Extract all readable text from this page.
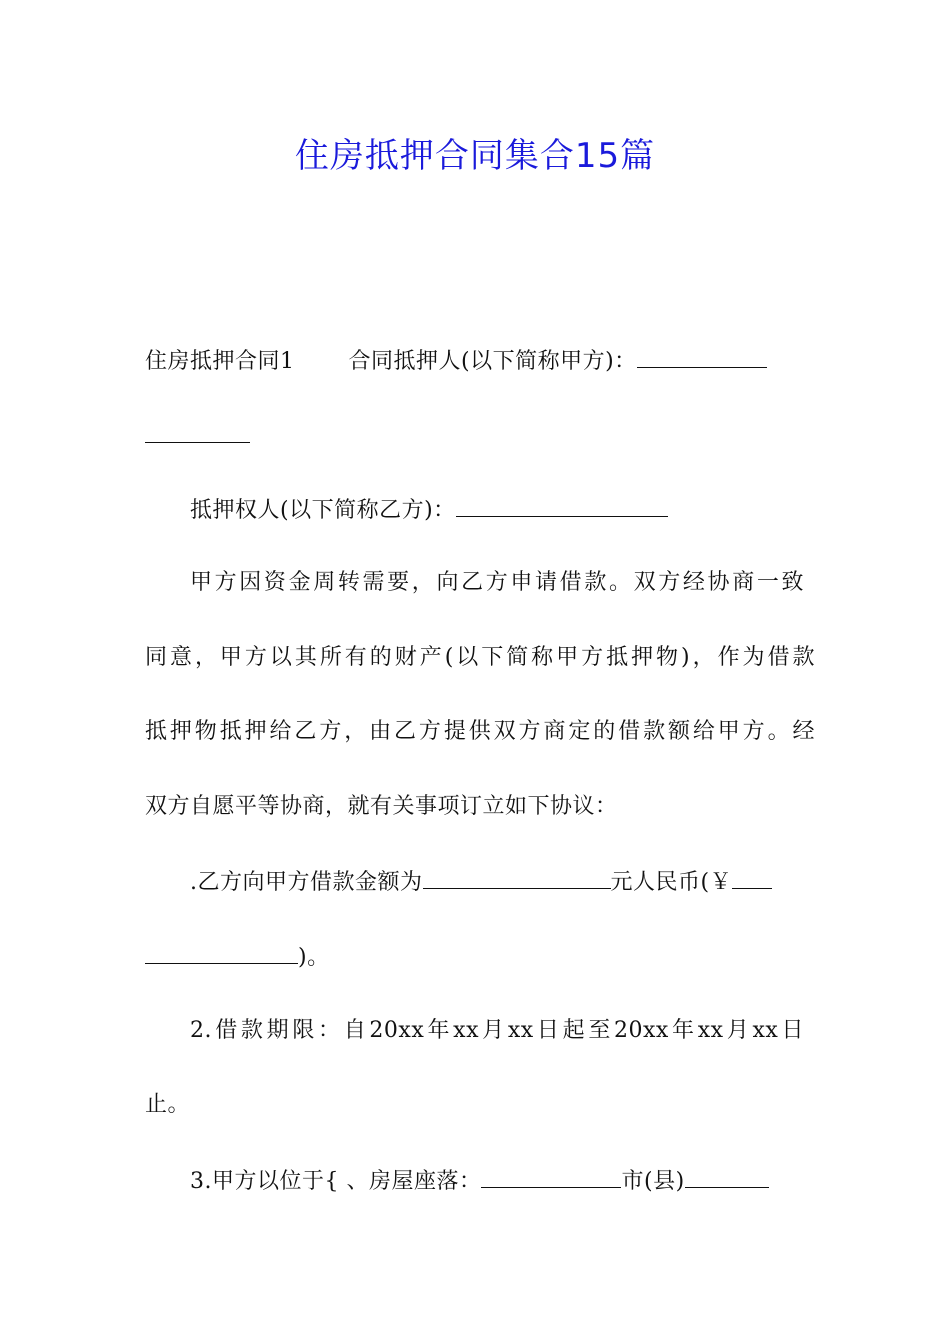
住房抵押合同集合15篇
住房抵押合同1 合同抵押人(以下简称甲方)：
抵押权人(以下简称乙方)：
甲方因资金周转需要，向乙方申请借款。双方经协商一致
同意，甲方以其所有的财产(以下简称甲方抵押物)，作为借款
抵押物抵押给乙方，由乙方提供双方商定的借款额给甲方。经
双方自愿平等协商，就有关事项订立如下协议：
.乙方向甲方借款金额为	元人民币(￥
)。
2.借款期限：自20xx年xx月xx日起至20xx年xx月xx日
止。
3.甲方以位于{ 、房屋座落：	市(县)
